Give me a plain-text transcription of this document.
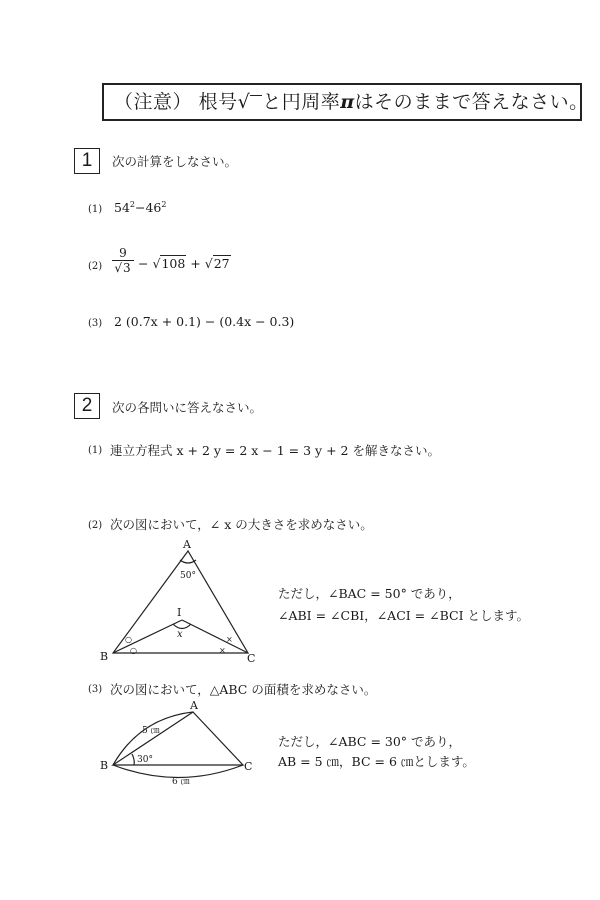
（注意） 根号√ と円周率πはそのままで答えなさい。
1	次の計算をしなさい。
(1) $54^2-46^2$
$(2) \frac{9}{√3} - √108 + √27$
(3) 2 (0.7x + 0.1) − (0.4x − 0.3)
2	次の各問いに答えなさい。
(1) 連立方程式 x + 2 y = 2 x − 1 = 3 y + 2 を解きなさい。
(2) 次の図において，∠ x の大きさを求めなさい。
ただし，∠BAC = 50° であり，
∠ABI = ∠CBI，∠ACI = ∠BCI とします。
(3) 次の図において，△ABC の面積を求めなさい。
ただし，∠ABC = 30° であり，
AB = 5 ㎝，BC = 6 ㎝とします。
A
B	C
I
50°
x
○
○
×
×
A
B	C
30°
5 ㎝
6 ㎝
